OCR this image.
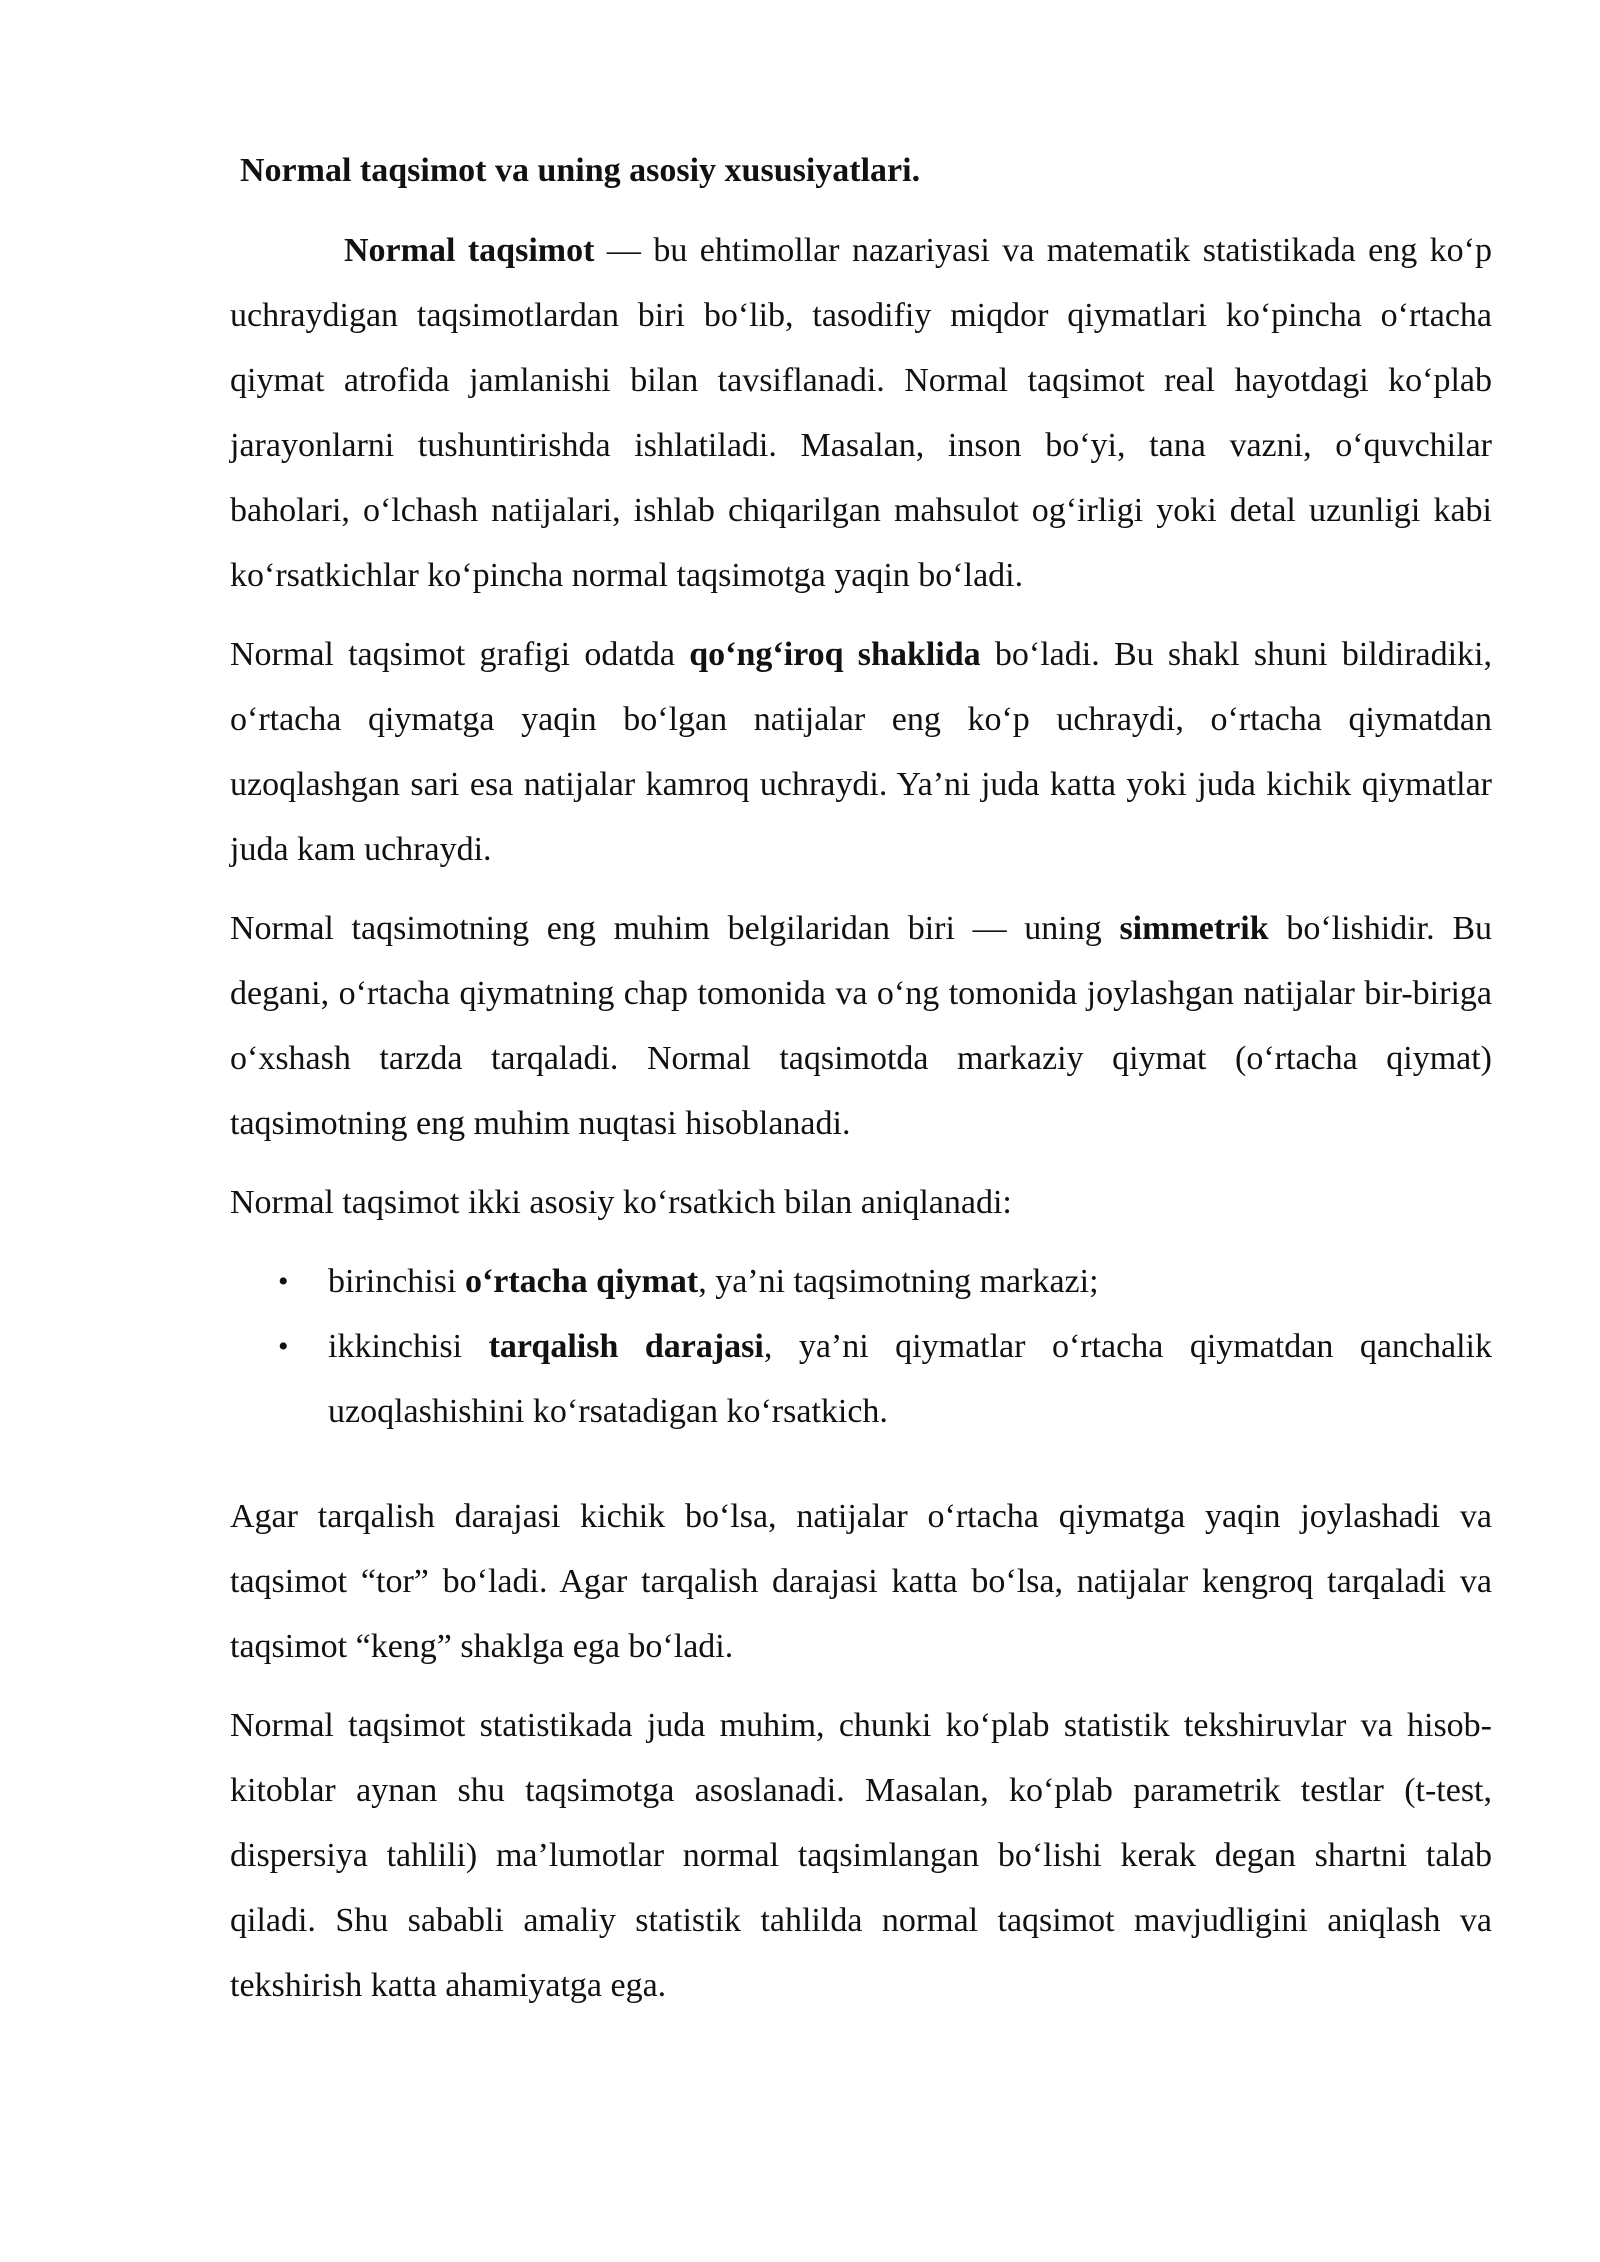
Normal taqsimot va uning asosiy xususiyatlari.

Normal taqsimot — bu ehtimollar nazariyasi va matematik statistikada eng ko‘p uchraydigan taqsimotlardan biri bo‘lib, tasodifiy miqdor qiymatlari ko‘pincha o‘rtacha qiymat atrofida jamlanishi bilan tavsiflanadi. Normal taqsimot real hayotdagi ko‘plab jarayonlarni tushuntirishda ishlatiladi. Masalan, inson bo‘yi, tana vazni, o‘quvchilar baholari, o‘lchash natijalari, ishlab chiqarilgan mahsulot og‘irligi yoki detal uzunligi kabi ko‘rsatkichlar ko‘pincha normal taqsimotga yaqin bo‘ladi.

Normal taqsimot grafigi odatda qo‘ng‘iroq shaklida bo‘ladi. Bu shakl shuni bildiradiki, o‘rtacha qiymatga yaqin bo‘lgan natijalar eng ko‘p uchraydi, o‘rtacha qiymatdan uzoqlashgan sari esa natijalar kamroq uchraydi. Ya’ni juda katta yoki juda kichik qiymatlar juda kam uchraydi.

Normal taqsimotning eng muhim belgilaridan biri — uning simmetrik bo‘lishidir. Bu degani, o‘rtacha qiymatning chap tomonida va o‘ng tomonida joylashgan natijalar bir-biriga o‘xshash tarzda tarqaladi. Normal taqsimotda markaziy qiymat (o‘rtacha qiymat) taqsimotning eng muhim nuqtasi hisoblanadi.

Normal taqsimot ikki asosiy ko‘rsatkich bilan aniqlanadi:

• birinchisi o‘rtacha qiymat, ya’ni taqsimotning markazi;
• ikkinchisi tarqalish darajasi, ya’ni qiymatlar o‘rtacha qiymatdan qanchalik uzoqlashishini ko‘rsatadigan ko‘rsatkich.

Agar tarqalish darajasi kichik bo‘lsa, natijalar o‘rtacha qiymatga yaqin joylashadi va taqsimot “tor” bo‘ladi. Agar tarqalish darajasi katta bo‘lsa, natijalar kengroq tarqaladi va taqsimot “keng” shaklga ega bo‘ladi.

Normal taqsimot statistikada juda muhim, chunki ko‘plab statistik tekshiruvlar va hisob-kitoblar aynan shu taqsimotga asoslanadi. Masalan, ko‘plab parametrik testlar (t-test, dispersiya tahlili) ma’lumotlar normal taqsimlangan bo‘lishi kerak degan shartni talab qiladi. Shu sababli amaliy statistik tahlilda normal taqsimot mavjudligini aniqlash va tekshirish katta ahamiyatga ega.
